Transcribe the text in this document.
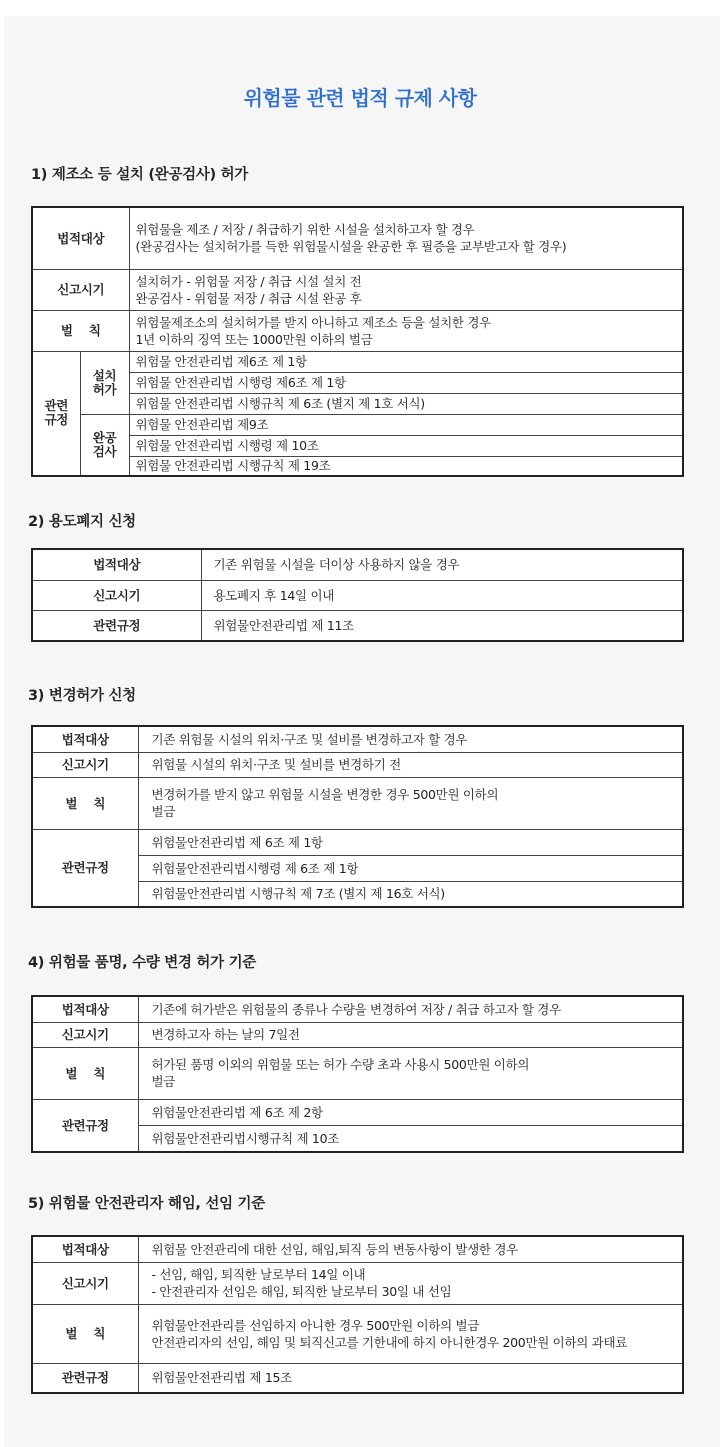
위험물 관련 법적 규제 사항
1) 제조소 등 설치 (완공검사) 허가
법적대상		위험물을 제조 / 저장 / 취급하기 위한 시설을 설치하고자 할 경우
(완공검사는 설치허가를 득한 위험물시설을 완공한 후 필증을 교부받고자 할 경우)

신고시기		설치허가 - 위험물 저장 / 취급 시설 설치 전
완공검사 - 위험물 저장 / 취급 시설 완공 후

벌    칙		위험물제조소의 설치허가를 받지 아니하고 제조소 등을 설치한 경우
1년 이하의 징역 또는 1000만원 이하의 벌금

관련규정	설치허가	위험물 안전관리법 제6조 제 1항
		위험물 안전관리법 시행령 제6조 제 1항
		위험물 안전관리법 시행규칙 제 6조 (별지 제 1호 서식)
	완공검사	위험물 안전관리법 제9조
		위험물 안전관리법 시행령 제 10조
		위험물 안전관리법 시행규칙 제 19조
2) 용도폐지 신청
법적대상	기존 위험물 시설을 더이상 사용하지 않을 경우
신고시기	용도폐지 후 14일 이내
관련규정	위험물안전관리법 제 11조
3) 변경허가 신청
법적대상	기존 위험물 시설의 위치·구조 및 설비를 변경하고자 할 경우
신고시기	위험물 시설의 위치·구조 및 설비를 변경하기 전
벌    칙	변경허가를 받지 않고 위험물 시설을 변경한 경우 500만원 이하의
벌금

관련규정	위험물안전관리법 제 6조 제 1항
	위험물안전관리법시행령 제 6조 제 1항
	위험물안전관리법 시행규칙 제 7조 (별지 제 16호 서식)
4) 위험물 품명, 수량 변경 허가 기준
법적대상	기존에 허가받은 위험물의 종류나 수량을 변경하여 저장 / 취급 하고자 할 경우
신고시기	변경하고자 하는 날의 7일전
벌    칙	허가된 품명 이외의 위험물 또는 허가 수량 초과 사용시 500만원 이하의
벌금

관련규정	위험물안전관리법 제 6조 제 2항
	위험물안전관리법시행규칙 제 10조
5) 위험물 안전관리자 해임, 선임 기준
법적대상	위험물 안전관리에 대한 선임, 해임,퇴직 등의 변동사항이 발생한 경우
신고시기	- 선임, 해임, 퇴직한 날로부터 14일 이내
- 안전관리자 선임은 해임, 퇴직한 날로부터 30일 내 선임

벌    칙	위험물안전관리를 선임하지 아니한 경우 500만원 이하의 벌금
안전관리자의 선임, 해임 및 퇴직신고를 기한내에 하지 아니한경우 200만원 이하의 과태료

관련규정	위험물안전관리법 제 15조
